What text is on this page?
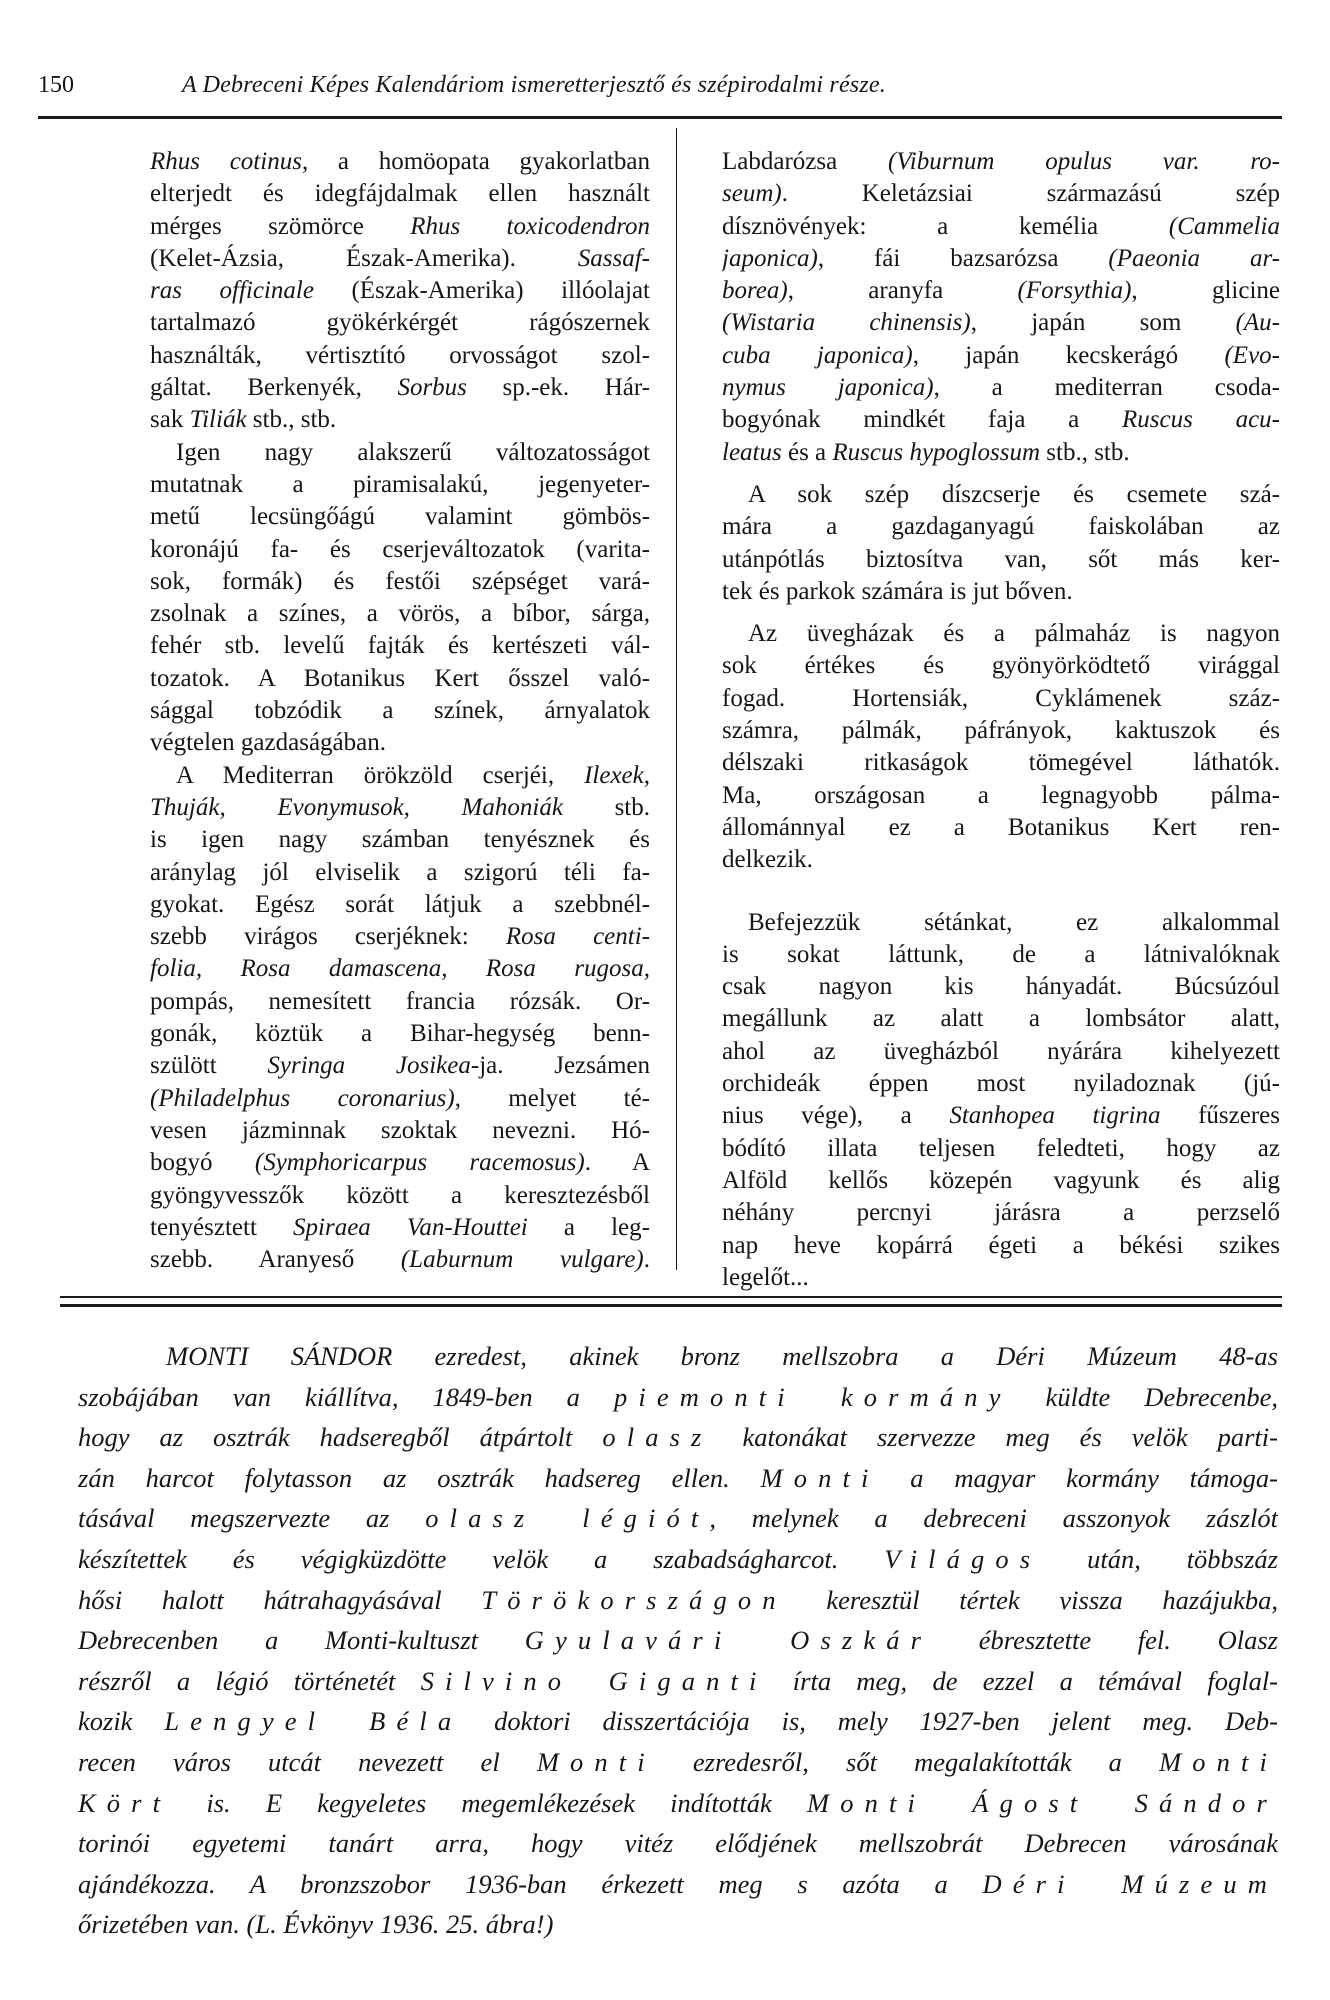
150	A Debreceni Képes Kalendáriom ismeretterjesztő és szépirodalmi része.
Rhus cotinus, a homöopata gyakorlatban
elterjedt és idegfájdalmak ellen használt
mérges szömörce Rhus toxicodendron
(Kelet-Ázsia, Észak-Amerika). Sassaf-
ras officinale (Észak-Amerika) illóolajat
tartalmazó gyökérkérgét rágószernek
használták, vértisztító orvosságot szol-
gáltat. Berkenyék, Sorbus sp.-ek. Hár-
sak Tiliák stb., stb.
Igen nagy alakszerű változatosságot
mutatnak a piramisalakú, jegenyeter-
metű lecsüngőágú valamint gömbös-
koronájú fa- és cserjeváltozatok (varita-
sok, formák) és festői szépséget vará-
zsolnak a színes, a vörös, a bíbor, sárga,
fehér stb. levelű fajták és kertészeti vál-
tozatok. A Botanikus Kert ősszel való-
sággal tobzódik a színek, árnyalatok
végtelen gazdaságában.
A Mediterran örökzöld cserjéi, Ilexek,
Thuják, Evonymusok, Mahoniák stb.
is igen nagy számban tenyésznek és
aránylag jól elviselik a szigorú téli fa-
gyokat. Egész sorát látjuk a szebbnél-
szebb virágos cserjéknek: Rosa centi-
folia, Rosa damascena, Rosa rugosa,
pompás, nemesített francia rózsák. Or-
gonák, köztük a Bihar-hegység benn-
szülött Syringa Josikea-ja. Jezsámen
(Philadelphus coronarius), melyet té-
vesen jázminnak szoktak nevezni. Hó-
bogyó (Symphoricarpus racemosus). A
gyöngyvesszők között a keresztezésből
tenyésztett Spiraea Van-Houttei a leg-
szebb. Aranyeső (Laburnum vulgare).
Labdarózsa (Viburnum opulus var. ro-
seum). Keletázsiai származású szép
dísznövények: a kemélia (Cammelia
japonica), fái bazsarózsa (Paeonia ar-
borea), aranyfa (Forsythia), glicine
(Wistaria chinensis), japán som (Au-
cuba japonica), japán kecskerágó (Evo-
nymus japonica), a mediterran csoda-
bogyónak mindkét faja a Ruscus acu-
leatus és a Ruscus hypoglossum stb., stb.
A sok szép díszcserje és csemete szá-
mára a gazdaganyagú faiskolában az
utánpótlás biztosítva van, sőt más ker-
tek és parkok számára is jut bőven.
Az üvegházak és a pálmaház is nagyon
sok értékes és gyönyörködtető virággal
fogad. Hortensiák, Cyklámenek száz-
számra, pálmák, páfrányok, kaktuszok és
délszaki ritkaságok tömegével láthatók.
Ma, országosan a legnagyobb pálma-
állománnyal ez a Botanikus Kert ren-
delkezik.
Befejezzük sétánkat, ez alkalommal
is sokat láttunk, de a látnivalóknak
csak nagyon kis hányadát. Búcsúzóul
megállunk az alatt a lombsátor alatt,
ahol az üvegházból nyárára kihelyezett
orchideák éppen most nyiladoznak (jú-
nius vége), a Stanhopea tigrina fűszeres
bódító illata teljesen feledteti, hogy az
Alföld kellős közepén vagyunk és alig
néhány percnyi járásra a perzselő
nap heve kopárrá égeti a békési szikes
legelőt...
MONTI SÁNDOR ezredest, akinek bronz mellszobra a Déri Múzeum 48-as
szobájában van kiállítva, 1849-ben a piemonti kormány küldte Debrecenbe,
hogy az osztrák hadseregből átpártolt olasz katonákat szervezze meg és velök parti-
zán harcot folytasson az osztrák hadsereg ellen. Monti a magyar kormány támoga-
tásával megszervezte az olasz légiót, melynek a debreceni asszonyok zászlót
készítettek és végigküzdötte velök a szabadságharcot. Világos után, többszáz
hősi halott hátrahagyásával Törökországon keresztül tértek vissza hazájukba,
Debrecenben a Monti-kultuszt Gyulavári Oszkár ébresztette fel. Olasz
részről a légió történetét Silvino Giganti írta meg, de ezzel a témával foglal-
kozik Lengyel Béla doktori disszertációja is, mely 1927-ben jelent meg. Deb-
recen város utcát nevezett el Monti ezredesről, sőt megalakították a Monti
Kört is. E kegyeletes megemlékezések indították Monti Ágost Sándor
torinói egyetemi tanárt arra, hogy vitéz elődjének mellszobrát Debrecen városának
ajándékozza. A bronzszobor 1936-ban érkezett meg s azóta a Déri Múzeum
őrizetében van. (L. Évkönyv 1936. 25. ábra!)
